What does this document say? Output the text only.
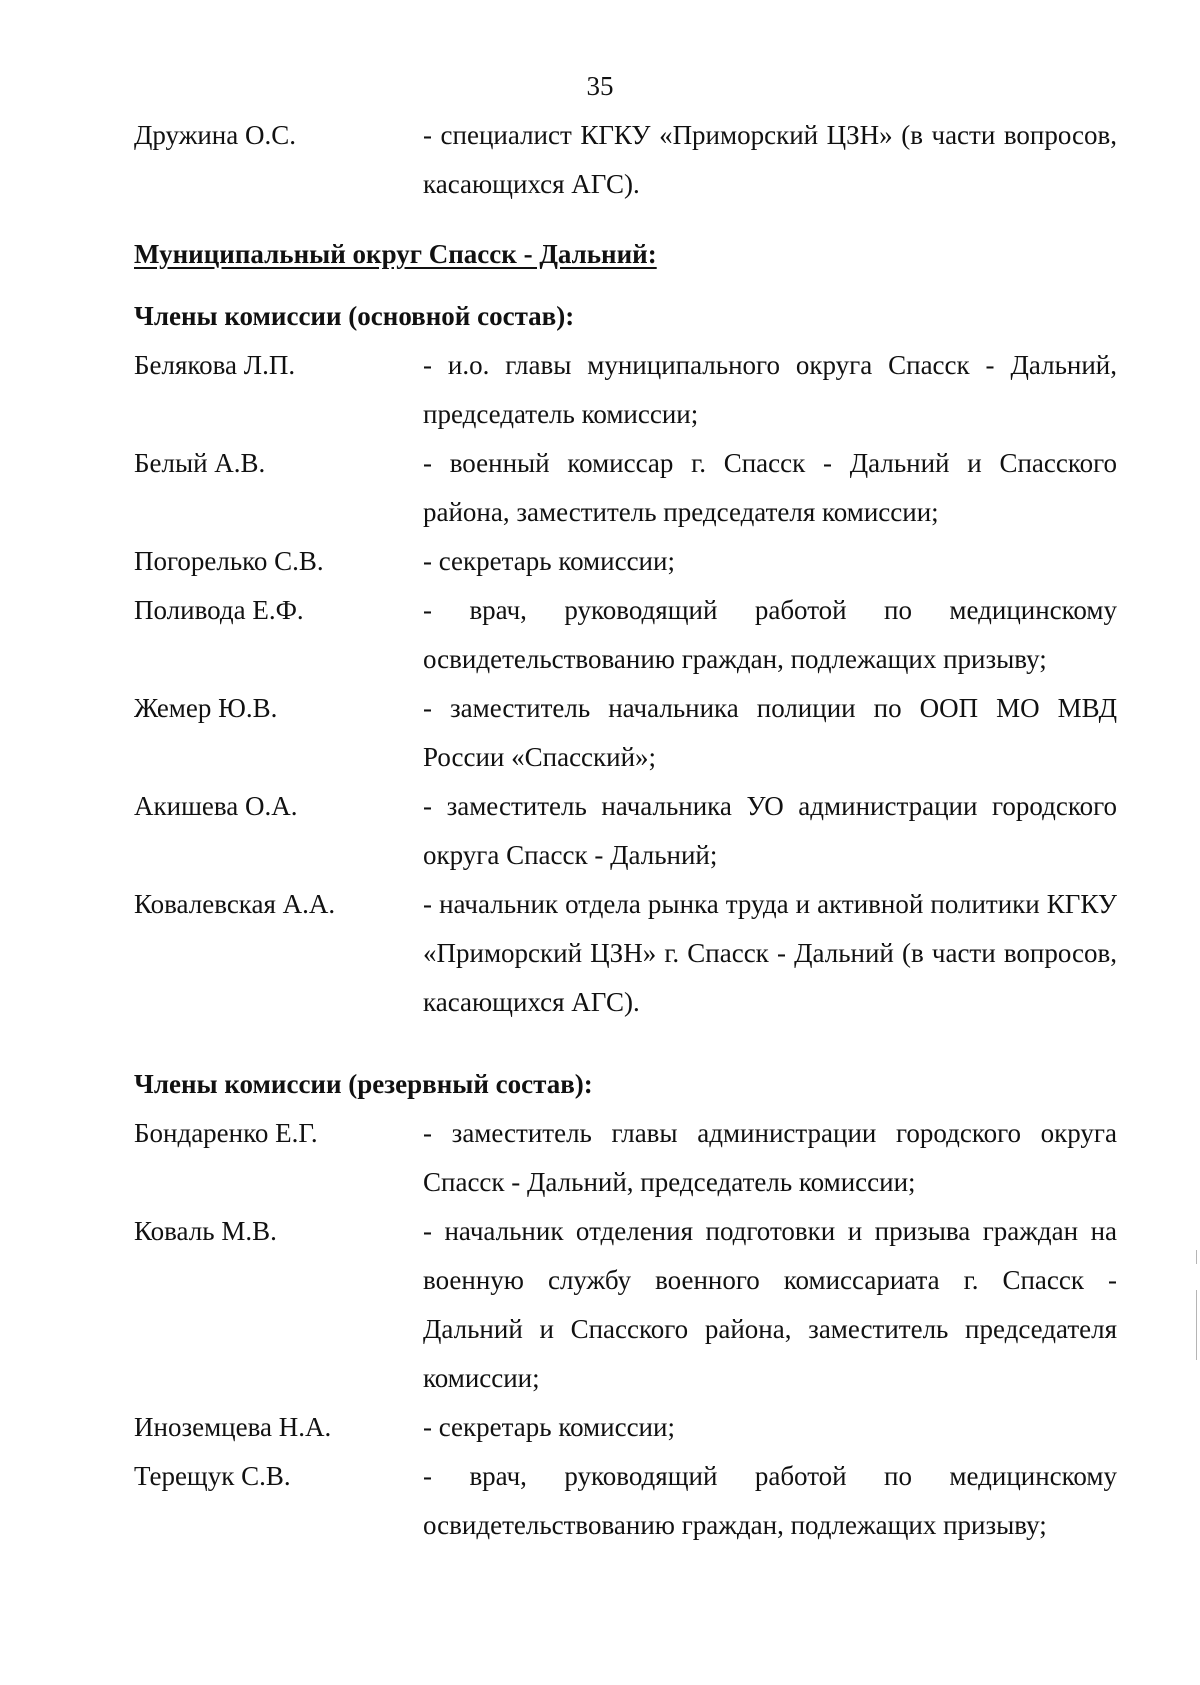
35
Дружина О.С.	- специалист КГКУ «Приморский ЦЗН» (в части вопросов, касающихся АГС).
Муниципальный округ Спасск - Дальний:
Члены комиссии (основной состав):
Белякова Л.П.	- и.о. главы муниципального округа Спасск - Дальний, председатель комиссии;
Белый А.В.	- военный комиссар г. Спасск - Дальний и Спасского района, заместитель председателя комиссии;
Погорелько С.В.	- секретарь комиссии;
Поливода Е.Ф.	- врач, руководящий работой по медицинскому освидетельствованию граждан, подлежащих призыву;
Жемер Ю.В.	- заместитель начальника полиции по ООП МО МВД России «Спасский»;
Акишева О.А.	- заместитель начальника УО администрации городского округа Спасск - Дальний;
Ковалевская А.А.	- начальник отдела рынка труда и активной политики КГКУ «Приморский ЦЗН» г. Спасск - Дальний (в части вопросов, касающихся АГС).
Члены комиссии (резервный состав):
Бондаренко Е.Г.	- заместитель главы администрации городского округа Спасск - Дальний, председатель комиссии;
Коваль М.В.	- начальник отделения подготовки и призыва граждан на военную службу военного комиссариата г. Спасск - Дальний и Спасского района, заместитель председателя комиссии;
Иноземцева Н.А.	- секретарь комиссии;
Терещук С.В.	- врач, руководящий работой по медицинскому освидетельствованию граждан, подлежащих призыву;
